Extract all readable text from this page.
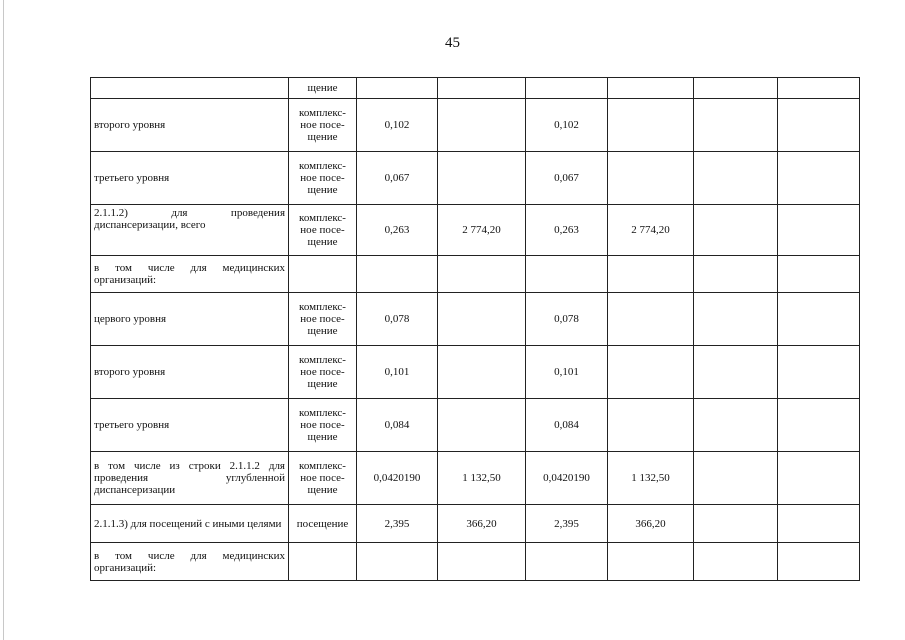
45
	щение						
второго уровня	комплекс-
ное посе-
щение	0,102		0,102			
третьего уровня	комплекс-
ное посе-
щение	0,067		0,067			
2.1.1.2) для проведения диспансеризации, всего	комплекс-
ное посе-
щение	0,263	2 774,20	0,263	2 774,20		
в том числе для медицинских организаций:							
цервого уровня	комплекс-
ное посе-
щение	0,078		0,078			
второго уровня	комплекс-
ное посе-
щение	0,101		0,101			
третьего уровня	комплекс-
ное посе-
щение	0,084		0,084			
в том числе из строки 2.1.1.2 для проведения углубленной диспансеризации	комплекс-
ное посе-
щение	0,0420190	1 132,50	0,0420190	1 132,50		
2.1.1.3) для посещений с иными целями	посещение	2,395	366,20	2,395	366,20		
в том числе для медицинских организаций:							
